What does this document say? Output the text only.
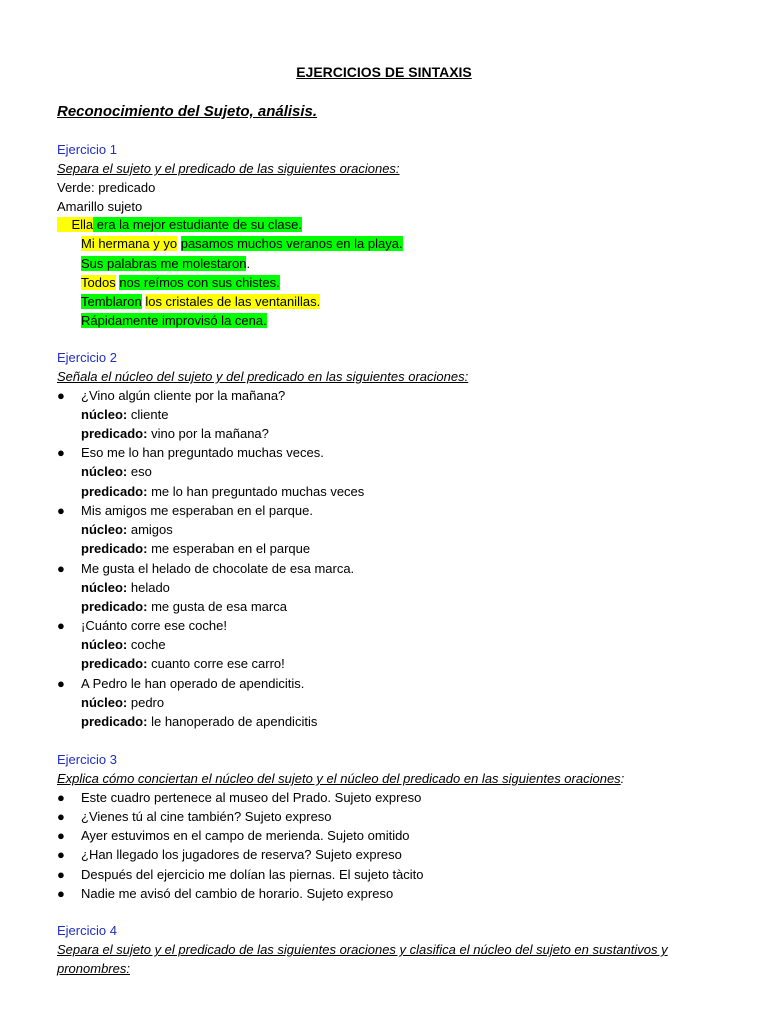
EJERCICIOS DE SINTAXIS
Reconocimiento del Sujeto, análisis.
Ejercicio 1
Separa el sujeto y el predicado de las siguientes oraciones:
Verde: predicado
Amarillo sujeto
Ella era la mejor estudiante de su clase.
Mi hermana y yo pasamos muchos veranos en la playa.
Sus palabras me molestaron.
Todos nos reímos con sus chistes.
Temblaron los cristales de las ventanillas.
Rápidamente improvisó la cena.
Ejercicio 2
Señala el núcleo del sujeto y del predicado en las siguientes oraciones:
● ¿Vino algún cliente por la mañana?
núcleo: cliente
predicado: vino por la mañana?
● Eso me lo han preguntado muchas veces.
núcleo: eso
predicado: me lo han preguntado muchas veces
● Mis amigos me esperaban en el parque.
núcleo: amigos
predicado: me esperaban en el parque
● Me gusta el helado de chocolate de esa marca.
núcleo: helado
predicado: me gusta de esa marca
● ¡Cuánto corre ese coche!
núcleo: coche
predicado: cuanto corre ese carro!
● A Pedro le han operado de apendicitis.
núcleo: pedro
predicado: le hanoperado de apendicitis
Ejercicio 3
Explica cómo conciertan el núcleo del sujeto y el núcleo del predicado en las siguientes oraciones:
● Este cuadro pertenece al museo del Prado. Sujeto expreso
● ¿Vienes tú al cine también? Sujeto expreso
● Ayer estuvimos en el campo de merienda. Sujeto omitido
● ¿Han llegado los jugadores de reserva? Sujeto expreso
● Después del ejercicio me dolían las piernas. El sujeto tàcito
● Nadie me avisó del cambio de horario. Sujeto expreso
Ejercicio 4
Separa el sujeto y el predicado de las siguientes oraciones y clasifica el núcleo del sujeto en sustantivos y
pronombres:
